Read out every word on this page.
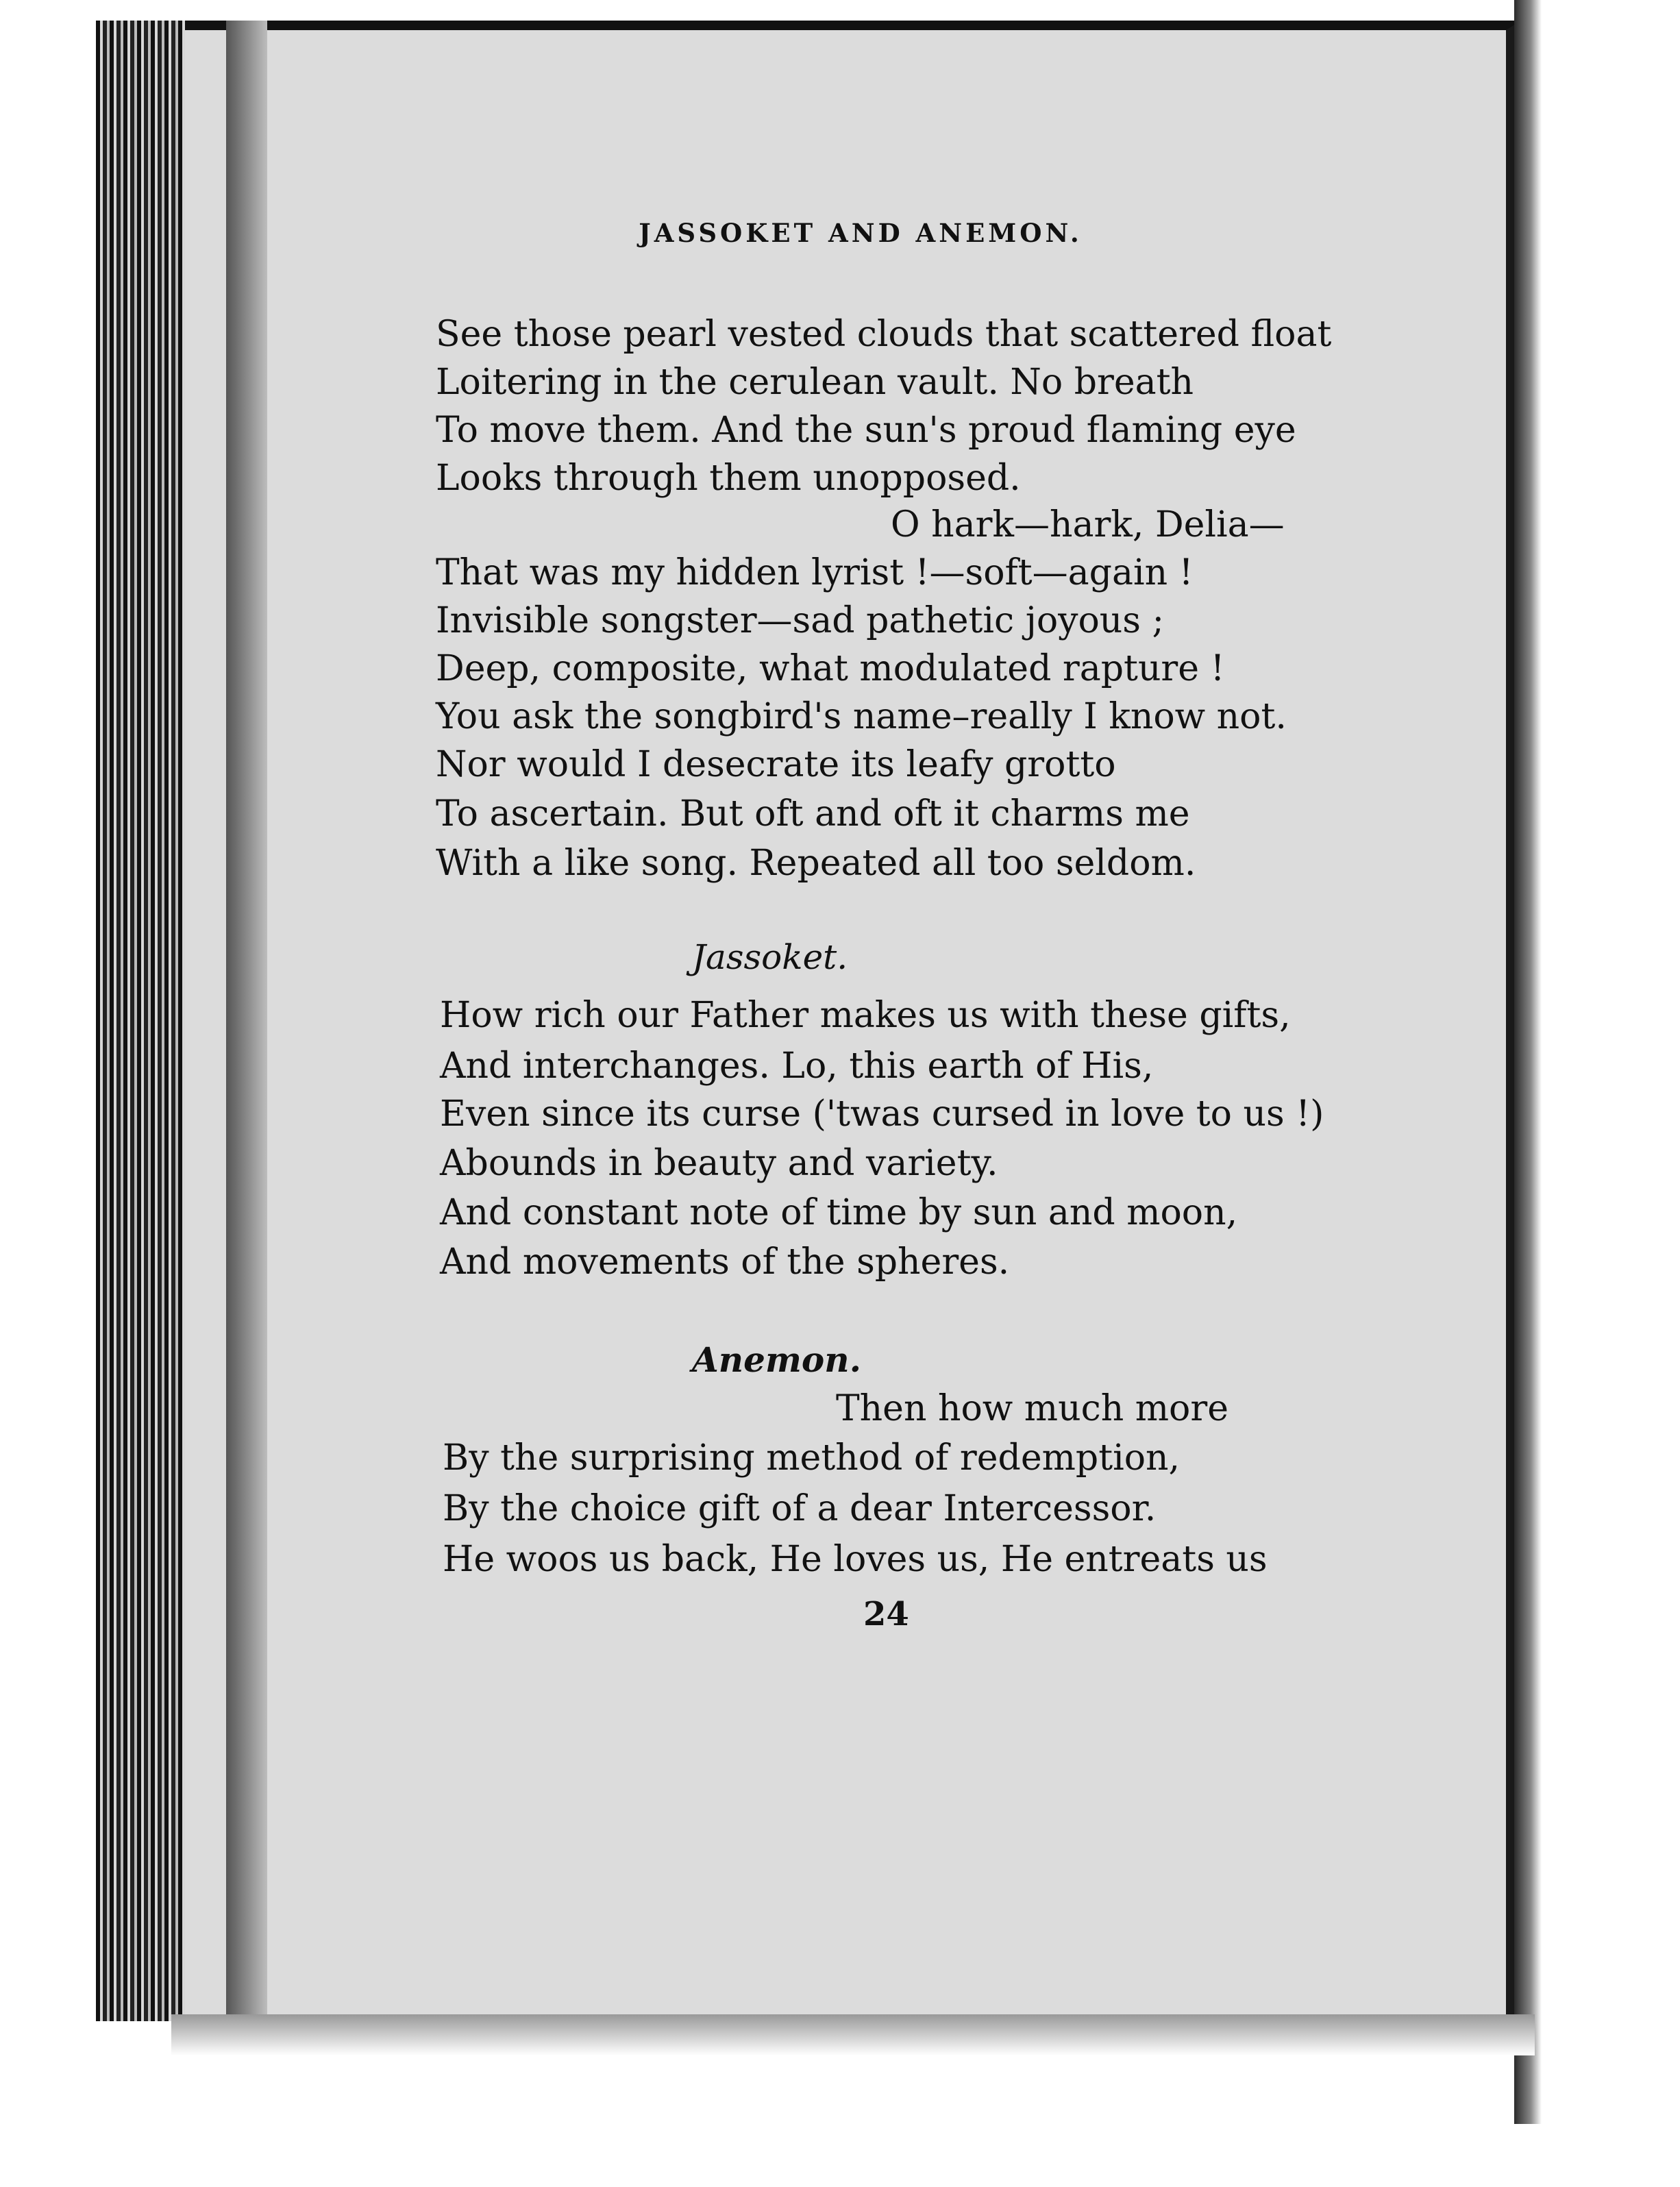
JASSOKET AND ANEMON.
See those pearl vested clouds that scattered float
Loitering in the cerulean vault. No breath
To move them. And the sun's proud flaming eye
Looks through them unopposed.
O hark—hark, Delia—
That was my hidden lyrist !—soft—again !
Invisible songster—sad pathetic joyous ;
Deep, composite, what modulated rapture !
You ask the songbird's name–really I know not.
Nor would I desecrate its leafy grotto
To ascertain. But oft and oft it charms me
With a like song. Repeated all too seldom.
Jassoket.
How rich our Father makes us with these gifts,
And interchanges. Lo, this earth of His,
Even since its curse ('twas cursed in love to us !)
Abounds in beauty and variety.
And constant note of time by sun and moon,
And movements of the spheres.
Anemon.
Then how much more
By the surprising method of redemption,
By the choice gift of a dear Intercessor.
He woos us back, He loves us, He entreats us
24
